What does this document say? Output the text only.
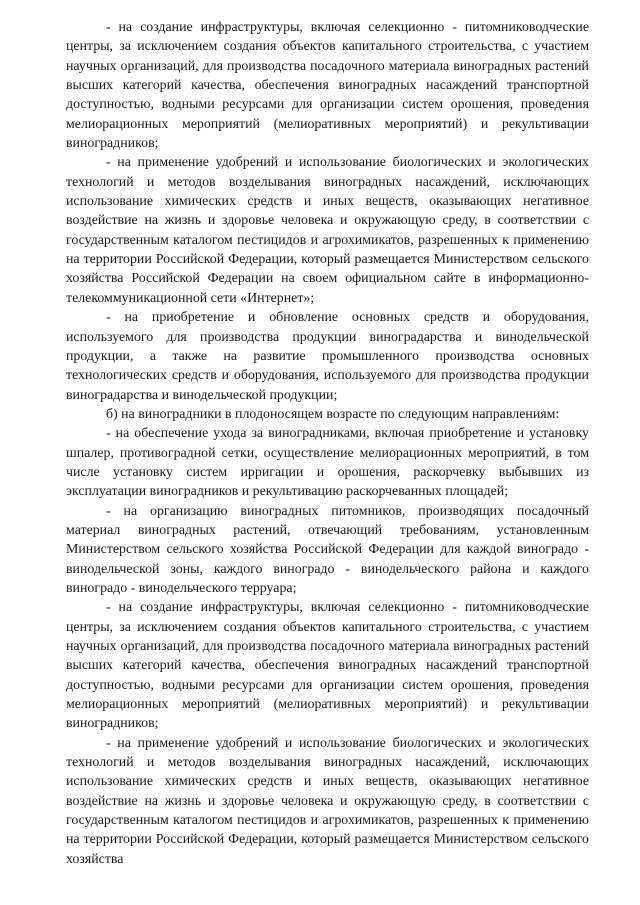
- на создание инфраструктуры, включая селекционно - питомниководческие центры, за исключением создания объектов капитального строительства, с участием научных организаций, для производства посадочного материала виноградных растений высших категорий качества, обеспечения виноградных насаждений транспортной доступностью, водными ресурсами для организации систем орошения, проведения мелиорационных мероприятий (мелиоративных мероприятий) и рекультивации виноградников;

- на применение удобрений и использование биологических и экологических технологий и методов возделывания виноградных насаждений, исключающих использование химических средств и иных веществ, оказывающих негативное воздействие на жизнь и здоровье человека и окружающую среду, в соответствии с государственным каталогом пестицидов и агрохимикатов, разрешенных к применению на территории Российской Федерации, который размещается Министерством сельского хозяйства Российской Федерации на своем официальном сайте в информационно-телекоммуникационной сети «Интернет»;

- на приобретение и обновление основных средств и оборудования, используемого для производства продукции виноградарства и винодельческой продукции, а также на развитие промышленного производства основных технологических средств и оборудования, используемого для производства продукции виноградарства и винодельческой продукции;

б) на виноградники в плодоносящем возрасте по следующим направлениям:

- на обеспечение ухода за виноградниками, включая приобретение и установку шпалер, противоградной сетки, осуществление мелиорационных мероприятий, в том числе установку систем ирригации и орошения, раскорчевку выбывших из эксплуатации виноградников и рекультивацию раскорчеванных площадей;

- на организацию виноградных питомников, производящих посадочный материал виноградных растений, отвечающий требованиям, установленным Министерством сельского хозяйства Российской Федерации для каждой виноградо - винодельческой зоны, каждого виноградо - винодельческого района и каждого виноградо - винодельческого терруара;

- на создание инфраструктуры, включая селекционно - питомниководческие центры, за исключением создания объектов капитального строительства, с участием научных организаций, для производства посадочного материала виноградных растений высших категорий качества, обеспечения виноградных насаждений транспортной доступностью, водными ресурсами для организации систем орошения, проведения мелиорационных мероприятий (мелиоративных мероприятий) и рекультивации виноградников;

- на применение удобрений и использование биологических и экологических технологий и методов возделывания виноградных насаждений, исключающих использование химических средств и иных веществ, оказывающих негативное воздействие на жизнь и здоровье человека и окружающую среду, в соответствии с государственным каталогом пестицидов и агрохимикатов, разрешенных к применению на территории Российской Федерации, который размещается Министерством сельского хозяйства
